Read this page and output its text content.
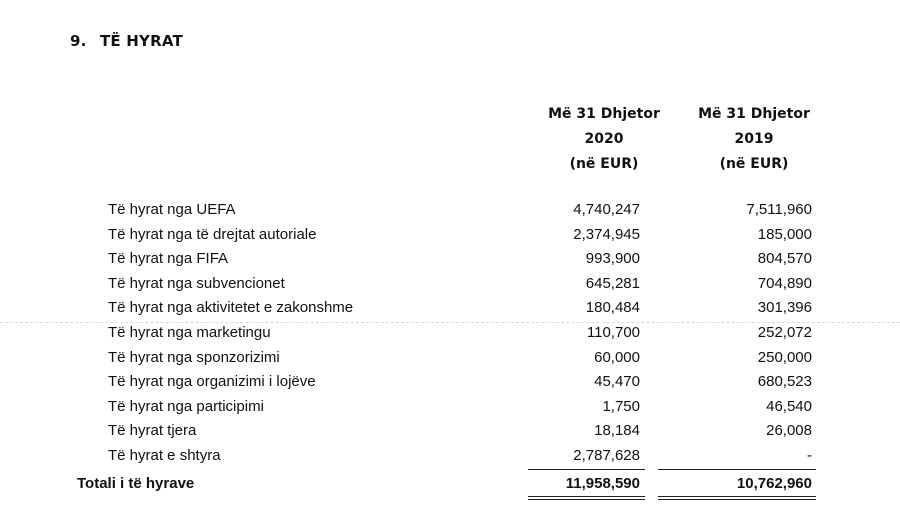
9. TË HYRAT
Më 31 Dhjetor
2020
(në EUR)
Më 31 Dhjetor
2019
(në EUR)
Të hyrat nga UEFA	4,740,247	7,511,960
Të hyrat nga të drejtat autoriale	2,374,945	185,000
Të hyrat nga FIFA	993,900	804,570
Të hyrat nga subvencionet	645,281	704,890
Të hyrat nga aktivitetet e zakonshme	180,484	301,396
Të hyrat nga marketingu	110,700	252,072
Të hyrat nga sponzorizimi	60,000	250,000
Të hyrat nga organizimi i lojëve	45,470	680,523
Të hyrat nga participimi	1,750	46,540
Të hyrat tjera	18,184	26,008
Të hyrat e shtyra	2,787,628	-
Totali i të hyrave	11,958,590	10,762,960
